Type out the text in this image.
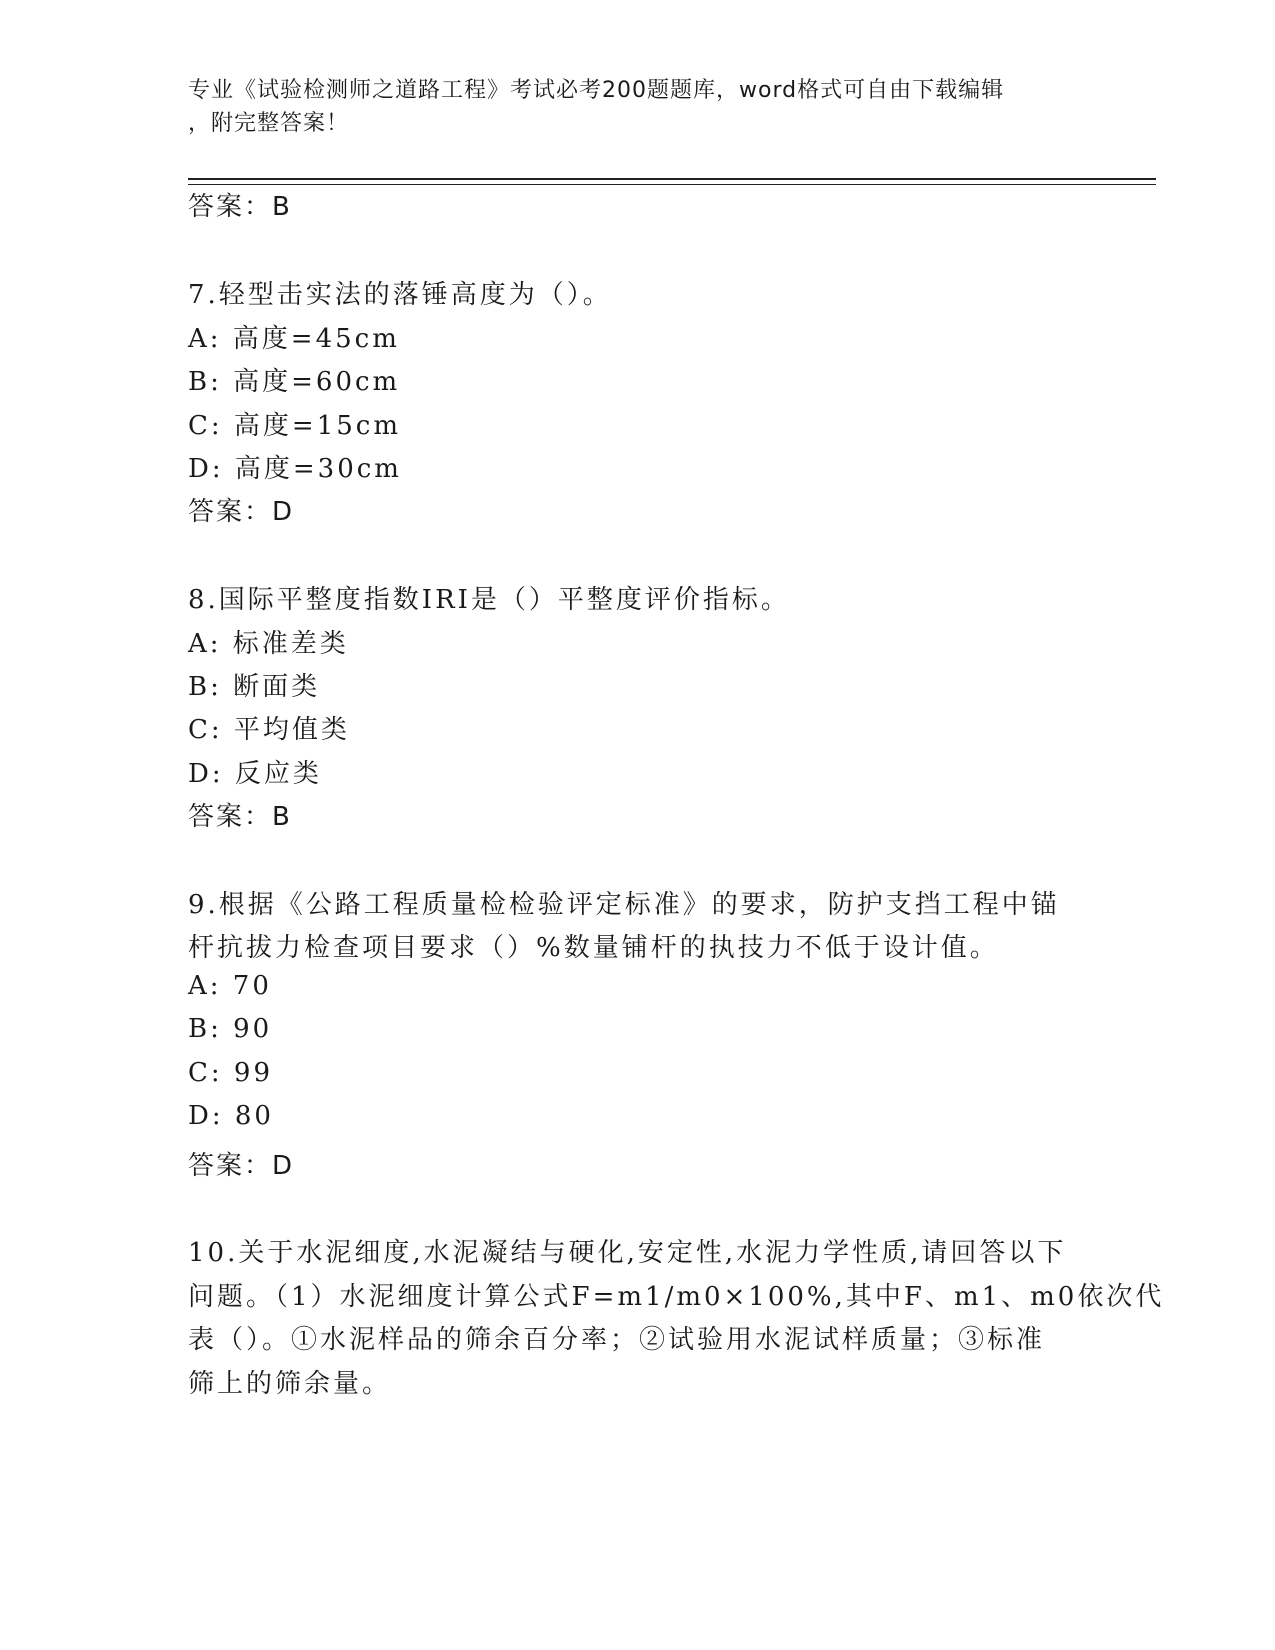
专业《试验检测师之道路工程》考试必考200题题库，word格式可自由下载编辑
，附完整答案！
答案：B
7.轻型击实法的落锤高度为（）。
A: 高度=45cm
B: 高度=60cm
C: 高度=15cm
D: 高度=30cm
答案：D
8.国际平整度指数IRI是（）平整度评价指标。
A: 标准差类
B: 断面类
C: 平均值类
D: 反应类
答案：B
9.根据《公路工程质量检检验评定标准》的要求，防护支挡工程中锚
杆抗拔力检查项目要求（）%数量铺杆的执技力不低于设计值。
A: 70
B: 90
C: 99
D: 80
答案：D
10.关于水泥细度,水泥凝结与硬化,安定性,水泥力学性质,请回答以下
问题。（1）水泥细度计算公式F=m1/m0×100%,其中F、m1、m0依次代
表（）。①水泥样品的筛余百分率；②试验用水泥试样质量；③标准
筛上的筛余量。
